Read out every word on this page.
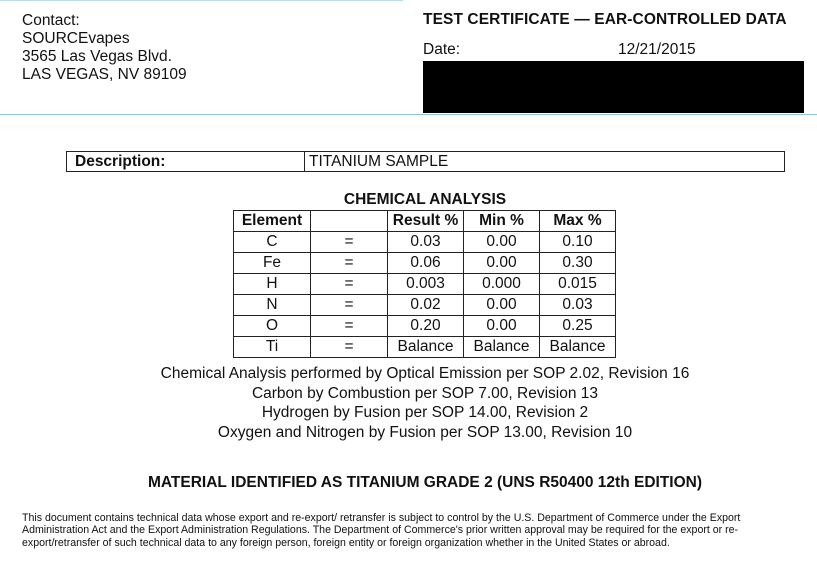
Contact:
SOURCEvapes
3565 Las Vegas Blvd.
LAS VEGAS, NV 89109
TEST CERTIFICATE — EAR-CONTROLLED DATA
Date:	12/21/2015
Description:	TITANIUM SAMPLE
CHEMICAL ANALYSIS
Element		Result %	Min %	Max %
C	=	0.03	0.00	0.10
Fe	=	0.06	0.00	0.30
H	=	0.003	0.000	0.015
N	=	0.02	0.00	0.03
O	=	0.20	0.00	0.25
Ti	=	Balance	Balance	Balance
Chemical Analysis performed by Optical Emission per SOP 2.02, Revision 16
Carbon by Combustion per SOP 7.00, Revision 13
Hydrogen by Fusion per SOP 14.00, Revision 2
Oxygen and Nitrogen by Fusion per SOP 13.00, Revision 10
MATERIAL IDENTIFIED AS TITANIUM GRADE 2 (UNS R50400 12th EDITION)
This document contains technical data whose export and re-export/ retransfer is subject to control by the U.S. Department of Commerce under the Export Administration Act and the Export Administration Regulations. The Department of Commerce's prior written approval may be required for the export or re-export/retransfer of such technical data to any foreign person, foreign entity or foreign organization whether in the United States or abroad.
